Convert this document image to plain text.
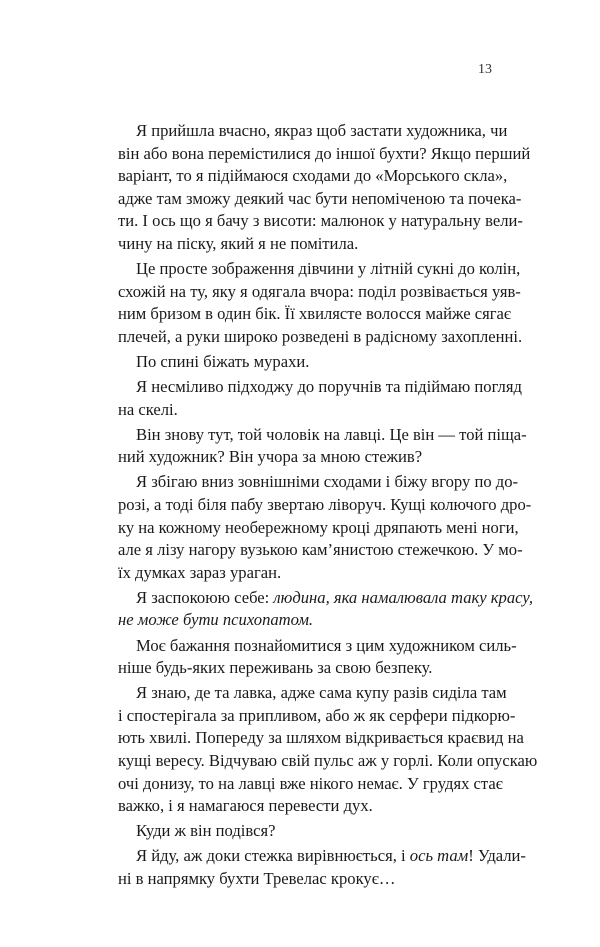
13

Я прийшла вчасно, якраз щоб застати художника, чи
він або вона перемістилися до іншої бухти? Якщо перший
варіант, то я підіймаюся сходами до «Морського скла»,
адже там зможу деякий час бути непоміченою та почека-
ти. І ось що я бачу з висоти: малюнок у натуральну вели-
чину на піску, який я не помітила.

Це просте зображення дівчини у літній сукні до колін,
схожій на ту, яку я одягала вчора: поділ розвівається уяв-
ним бризом в один бік. Її хвилясте волосся майже сягає
плечей, а руки широко розведені в радісному захопленні.

По спині біжать мурахи.

Я несміливо підходжу до поручнів та підіймаю погляд
на скелі.

Він знову тут, той чоловік на лавці. Це він — той піща-
ний художник? Він учора за мною стежив?

Я збігаю вниз зовнішніми сходами і біжу вгору по до-
розі, а тоді біля пабу звертаю ліворуч. Кущі колючого дро-
ку на кожному необережному кроці дряпають мені ноги,
але я лізу нагору вузькою кам’янистою стежечкою. У мо-
їх думках зараз ураган.

Я заспокоюю себе: людина, яка намалювала таку красу,
не може бути психопатом.

Моє бажання познайомитися з цим художником силь-
ніше будь-яких переживань за свою безпеку.

Я знаю, де та лавка, адже сама купу разів сиділа там
і спостерігала за припливом, або ж як серфери підкорю-
ють хвилі. Попереду за шляхом відкривається краєвид на
кущі вересу. Відчуваю свій пульс аж у горлі. Коли опускаю
очі донизу, то на лавці вже нікого немає. У грудях стає
важко, і я намагаюся перевести дух.

Куди ж він подівся?

Я йду, аж доки стежка вирівнюється, і ось там! Удали-
ні в напрямку бухти Тревелас крокує…
